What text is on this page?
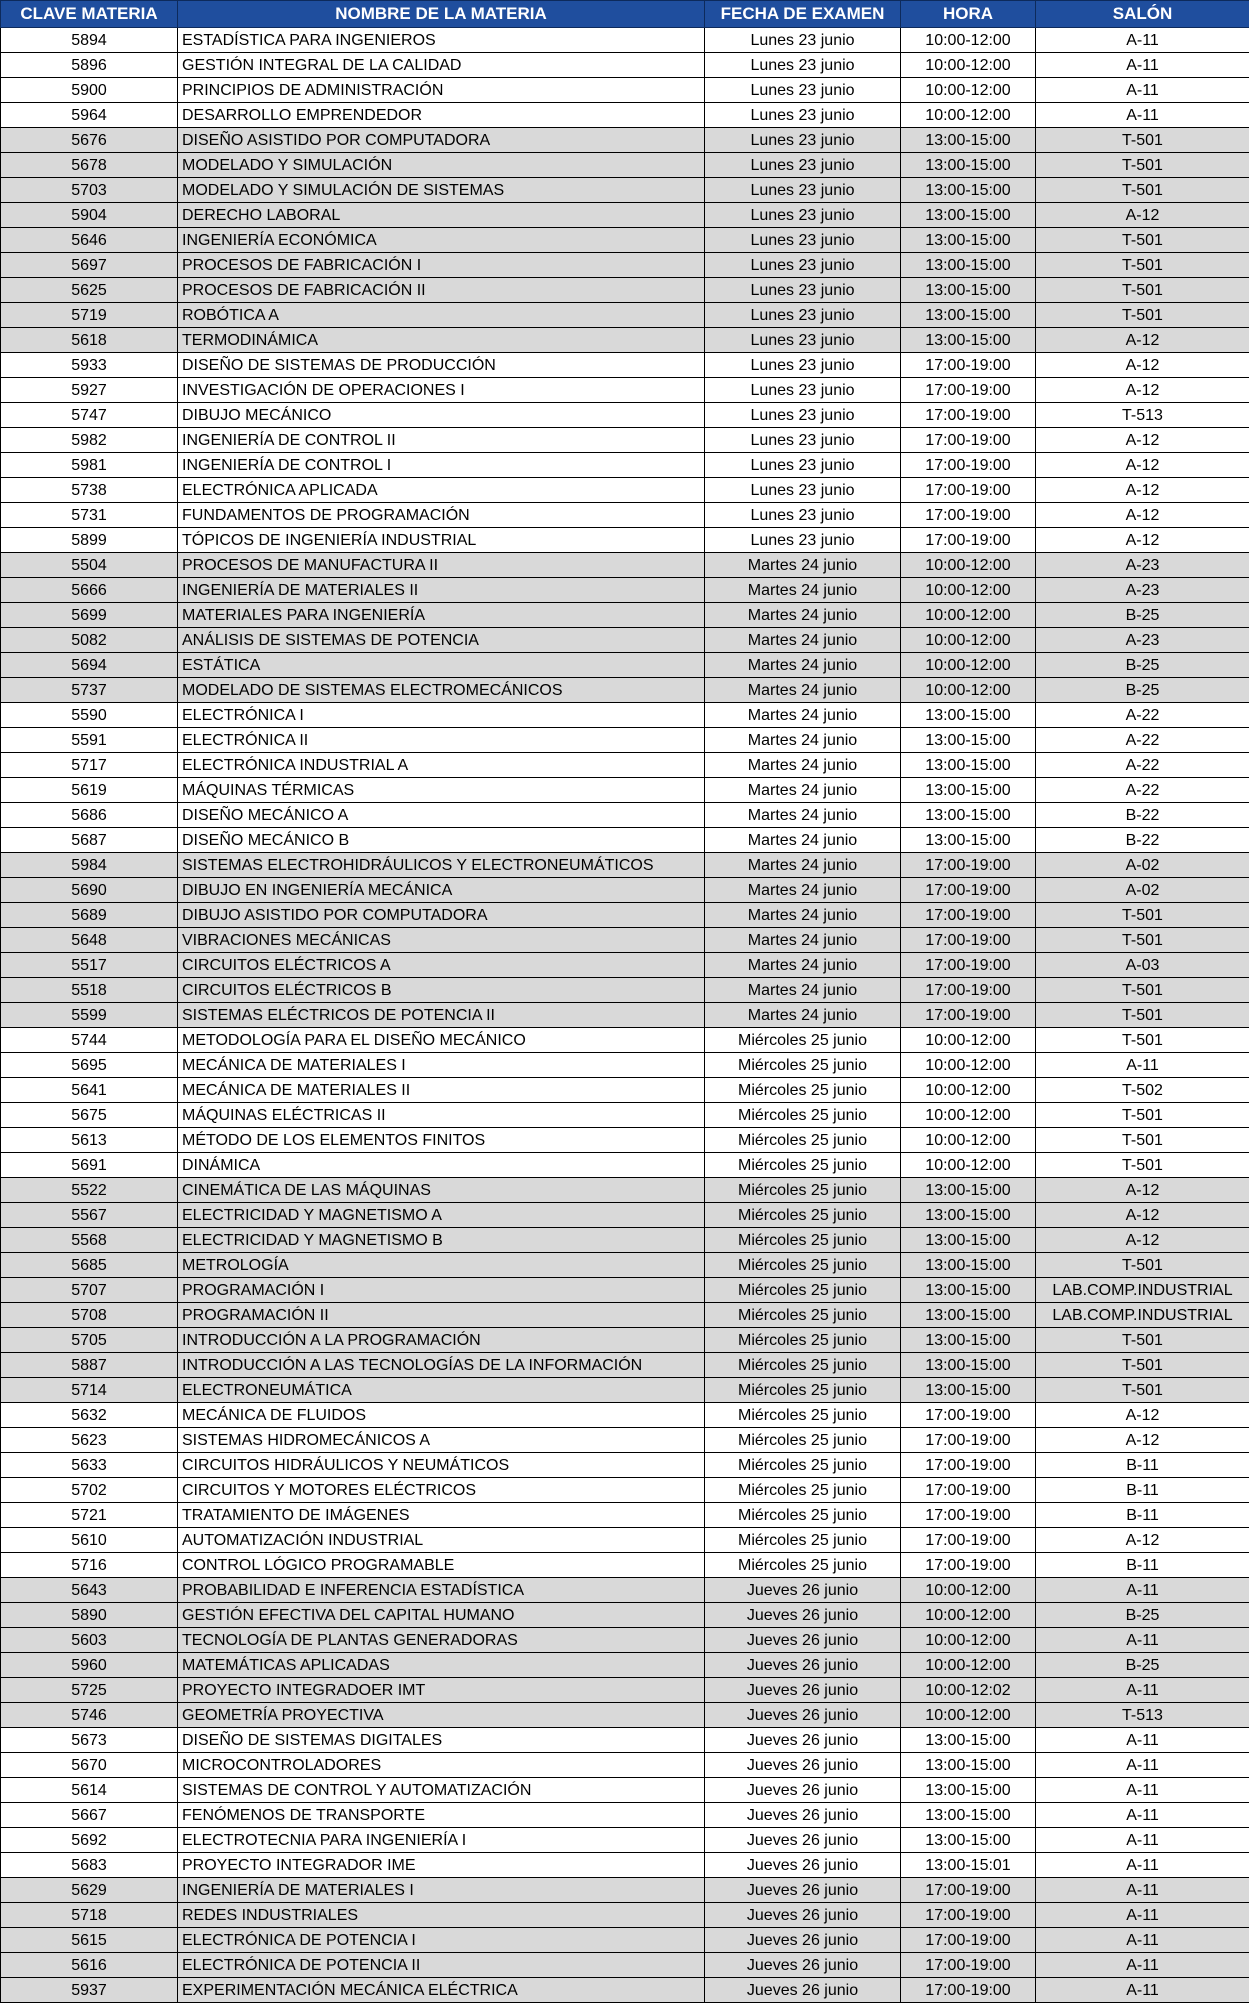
CLAVE MATERIA	NOMBRE DE LA MATERIA	FECHA DE EXAMEN	HORA	SALÓN
5894	ESTADÍSTICA PARA INGENIEROS	Lunes 23 junio	10:00-12:00	A-11
5896	GESTIÓN INTEGRAL DE LA CALIDAD	Lunes 23 junio	10:00-12:00	A-11
5900	PRINCIPIOS DE ADMINISTRACIÓN	Lunes 23 junio	10:00-12:00	A-11
5964	DESARROLLO EMPRENDEDOR	Lunes 23 junio	10:00-12:00	A-11
5676	DISEÑO ASISTIDO POR COMPUTADORA	Lunes 23 junio	13:00-15:00	T-501
5678	MODELADO Y SIMULACIÓN	Lunes 23 junio	13:00-15:00	T-501
5703	MODELADO Y SIMULACIÓN DE SISTEMAS	Lunes 23 junio	13:00-15:00	T-501
5904	DERECHO LABORAL	Lunes 23 junio	13:00-15:00	A-12
5646	INGENIERÍA ECONÓMICA	Lunes 23 junio	13:00-15:00	T-501
5697	PROCESOS DE FABRICACIÓN I	Lunes 23 junio	13:00-15:00	T-501
5625	PROCESOS DE FABRICACIÓN II	Lunes 23 junio	13:00-15:00	T-501
5719	ROBÓTICA A	Lunes 23 junio	13:00-15:00	T-501
5618	TERMODINÁMICA	Lunes 23 junio	13:00-15:00	A-12
5933	DISEÑO DE SISTEMAS DE PRODUCCIÓN	Lunes 23 junio	17:00-19:00	A-12
5927	INVESTIGACIÓN DE OPERACIONES I	Lunes 23 junio	17:00-19:00	A-12
5747	DIBUJO MECÁNICO	Lunes 23 junio	17:00-19:00	T-513
5982	INGENIERÍA DE CONTROL II	Lunes 23 junio	17:00-19:00	A-12
5981	INGENIERÍA DE CONTROL I	Lunes 23 junio	17:00-19:00	A-12
5738	ELECTRÓNICA APLICADA	Lunes 23 junio	17:00-19:00	A-12
5731	FUNDAMENTOS DE PROGRAMACIÓN	Lunes 23 junio	17:00-19:00	A-12
5899	TÓPICOS DE INGENIERÍA INDUSTRIAL	Lunes 23 junio	17:00-19:00	A-12
5504	PROCESOS DE MANUFACTURA II	Martes 24 junio	10:00-12:00	A-23
5666	INGENIERÍA DE MATERIALES II	Martes 24 junio	10:00-12:00	A-23
5699	MATERIALES PARA INGENIERÍA	Martes 24 junio	10:00-12:00	B-25
5082	ANÁLISIS DE SISTEMAS DE POTENCIA	Martes 24 junio	10:00-12:00	A-23
5694	ESTÁTICA	Martes 24 junio	10:00-12:00	B-25
5737	MODELADO DE SISTEMAS ELECTROMECÁNICOS	Martes 24 junio	10:00-12:00	B-25
5590	ELECTRÓNICA I	Martes 24 junio	13:00-15:00	A-22
5591	ELECTRÓNICA II	Martes 24 junio	13:00-15:00	A-22
5717	ELECTRÓNICA INDUSTRIAL A	Martes 24 junio	13:00-15:00	A-22
5619	MÁQUINAS TÉRMICAS	Martes 24 junio	13:00-15:00	A-22
5686	DISEÑO MECÁNICO A	Martes 24 junio	13:00-15:00	B-22
5687	DISEÑO MECÁNICO B	Martes 24 junio	13:00-15:00	B-22
5984	SISTEMAS ELECTROHIDRÁULICOS Y ELECTRONEUMÁTICOS	Martes 24 junio	17:00-19:00	A-02
5690	DIBUJO EN INGENIERÍA MECÁNICA	Martes 24 junio	17:00-19:00	A-02
5689	DIBUJO ASISTIDO POR COMPUTADORA	Martes 24 junio	17:00-19:00	T-501
5648	VIBRACIONES MECÁNICAS	Martes 24 junio	17:00-19:00	T-501
5517	CIRCUITOS ELÉCTRICOS A	Martes 24 junio	17:00-19:00	A-03
5518	CIRCUITOS ELÉCTRICOS B	Martes 24 junio	17:00-19:00	T-501
5599	SISTEMAS ELÉCTRICOS DE POTENCIA II	Martes 24 junio	17:00-19:00	T-501
5744	METODOLOGÍA PARA EL DISEÑO MECÁNICO	Miércoles 25 junio	10:00-12:00	T-501
5695	MECÁNICA DE MATERIALES I	Miércoles 25 junio	10:00-12:00	A-11
5641	MECÁNICA DE MATERIALES II	Miércoles 25 junio	10:00-12:00	T-502
5675	MÁQUINAS ELÉCTRICAS II	Miércoles 25 junio	10:00-12:00	T-501
5613	MÉTODO DE LOS ELEMENTOS FINITOS	Miércoles 25 junio	10:00-12:00	T-501
5691	DINÁMICA	Miércoles 25 junio	10:00-12:00	T-501
5522	CINEMÁTICA DE LAS MÁQUINAS	Miércoles 25 junio	13:00-15:00	A-12
5567	ELECTRICIDAD Y MAGNETISMO A	Miércoles 25 junio	13:00-15:00	A-12
5568	ELECTRICIDAD Y MAGNETISMO B	Miércoles 25 junio	13:00-15:00	A-12
5685	METROLOGÍA	Miércoles 25 junio	13:00-15:00	T-501
5707	PROGRAMACIÓN I	Miércoles 25 junio	13:00-15:00	LAB.COMP.INDUSTRIAL
5708	PROGRAMACIÓN II	Miércoles 25 junio	13:00-15:00	LAB.COMP.INDUSTRIAL
5705	INTRODUCCIÓN A LA PROGRAMACIÓN	Miércoles 25 junio	13:00-15:00	T-501
5887	INTRODUCCIÓN A LAS TECNOLOGÍAS DE LA INFORMACIÓN	Miércoles 25 junio	13:00-15:00	T-501
5714	ELECTRONEUMÁTICA	Miércoles 25 junio	13:00-15:00	T-501
5632	MECÁNICA DE FLUIDOS	Miércoles 25 junio	17:00-19:00	A-12
5623	SISTEMAS HIDROMECÁNICOS A	Miércoles 25 junio	17:00-19:00	A-12
5633	CIRCUITOS HIDRÁULICOS Y NEUMÁTICOS	Miércoles 25 junio	17:00-19:00	B-11
5702	CIRCUITOS Y MOTORES ELÉCTRICOS	Miércoles 25 junio	17:00-19:00	B-11
5721	TRATAMIENTO DE IMÁGENES	Miércoles 25 junio	17:00-19:00	B-11
5610	AUTOMATIZACIÓN INDUSTRIAL	Miércoles 25 junio	17:00-19:00	A-12
5716	CONTROL LÓGICO PROGRAMABLE	Miércoles 25 junio	17:00-19:00	B-11
5643	PROBABILIDAD E INFERENCIA ESTADÍSTICA	Jueves 26 junio	10:00-12:00	A-11
5890	GESTIÓN EFECTIVA DEL CAPITAL HUMANO	Jueves 26 junio	10:00-12:00	B-25
5603	TECNOLOGÍA DE PLANTAS GENERADORAS	Jueves 26 junio	10:00-12:00	A-11
5960	MATEMÁTICAS APLICADAS	Jueves 26 junio	10:00-12:00	B-25
5725	PROYECTO INTEGRADOER IMT	Jueves 26 junio	10:00-12:02	A-11
5746	GEOMETRÍA PROYECTIVA	Jueves 26 junio	10:00-12:00	T-513
5673	DISEÑO DE SISTEMAS DIGITALES	Jueves 26 junio	13:00-15:00	A-11
5670	MICROCONTROLADORES	Jueves 26 junio	13:00-15:00	A-11
5614	SISTEMAS DE CONTROL Y AUTOMATIZACIÓN	Jueves 26 junio	13:00-15:00	A-11
5667	FENÓMENOS DE TRANSPORTE	Jueves 26 junio	13:00-15:00	A-11
5692	ELECTROTECNIA PARA INGENIERÍA I	Jueves 26 junio	13:00-15:00	A-11
5683	PROYECTO INTEGRADOR IME	Jueves 26 junio	13:00-15:01	A-11
5629	INGENIERÍA DE MATERIALES I	Jueves 26 junio	17:00-19:00	A-11
5718	REDES INDUSTRIALES	Jueves 26 junio	17:00-19:00	A-11
5615	ELECTRÓNICA DE POTENCIA I	Jueves 26 junio	17:00-19:00	A-11
5616	ELECTRÓNICA DE POTENCIA II	Jueves 26 junio	17:00-19:00	A-11
5937	EXPERIMENTACIÓN MECÁNICA ELÉCTRICA	Jueves 26 junio	17:00-19:00	A-11
